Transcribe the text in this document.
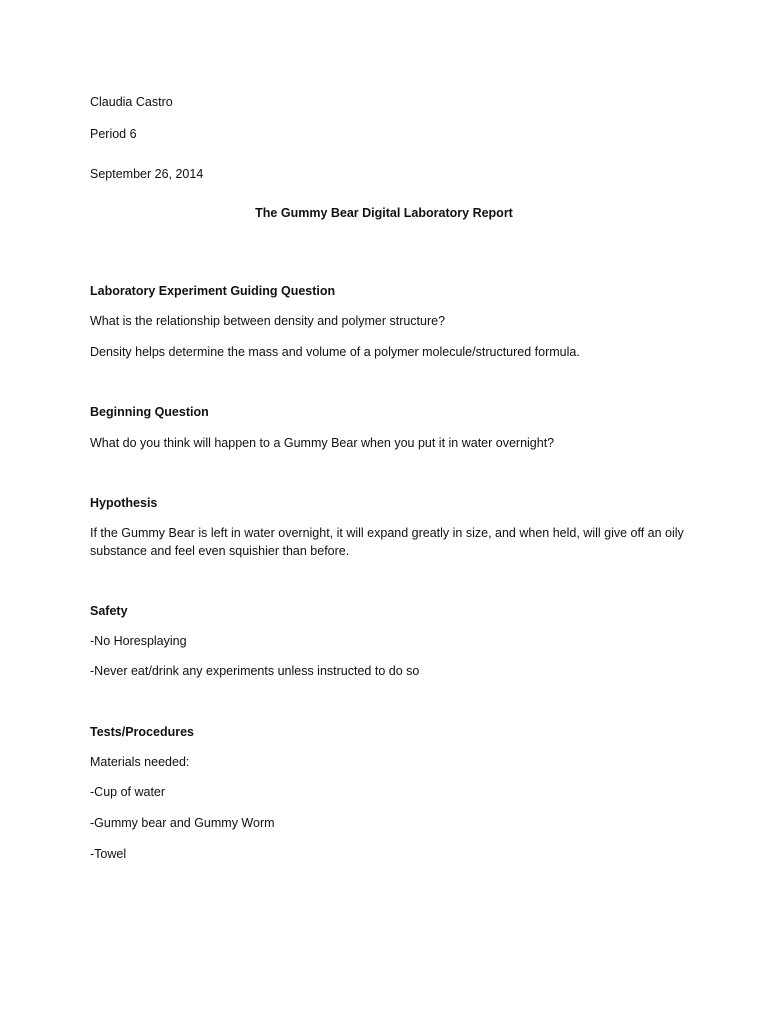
Claudia Castro

Period 6

September 26, 2014

The Gummy Bear Digital Laboratory Report

Laboratory Experiment Guiding Question

What is the relationship between density and polymer structure?

Density helps determine the mass and volume of a polymer molecule/structured formula.

Beginning Question

What do you think will happen to a Gummy Bear when you put it in water overnight?

Hypothesis

If the Gummy Bear is left in water overnight, it will expand greatly in size, and when held, will give off an oily substance and feel even squishier than before.

Safety

-No Horesplaying

-Never eat/drink any experiments unless instructed to do so

Tests/Procedures

Materials needed:

-Cup of water

-Gummy bear and Gummy Worm

-Towel
